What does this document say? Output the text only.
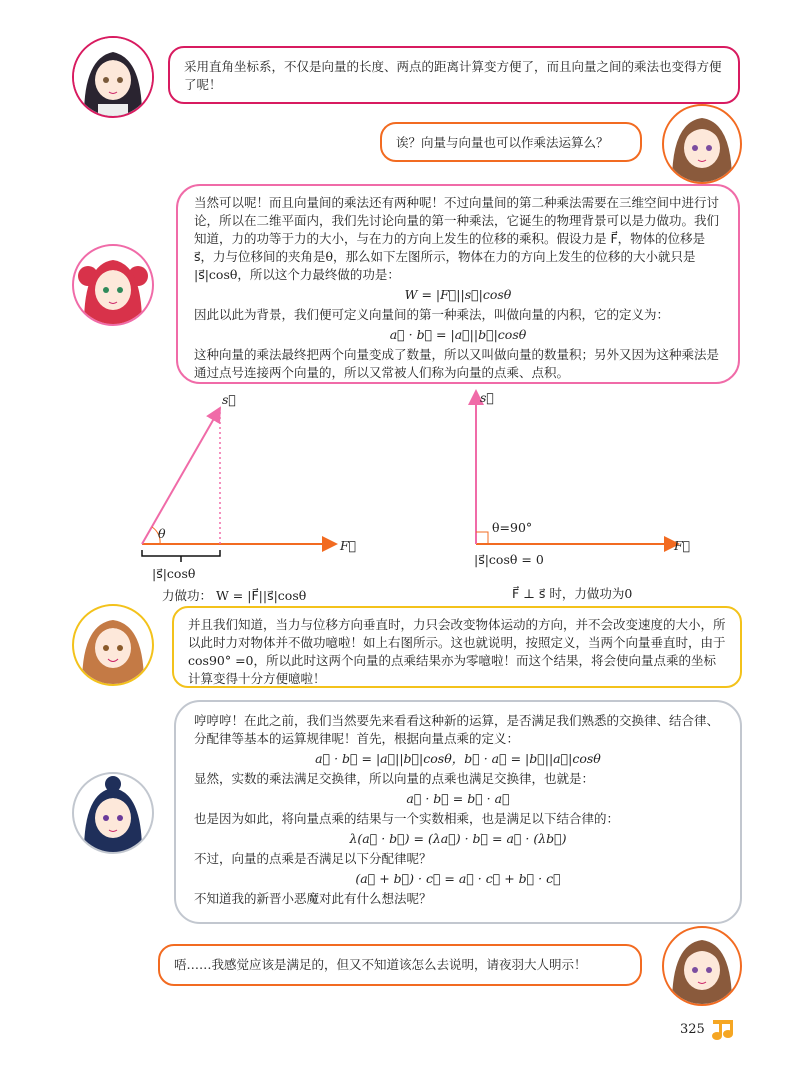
采用直角坐标系，不仅是向量的长度、两点的距离计算变方便了，而且向量之间的乘法也变得方便了呢！

诶？向量与向量也可以作乘法运算么？

当然可以呢！而且向量间的乘法还有两种呢！不过向量间的第二种乘法需要在三维空间中进行讨论，所以在二维平面内，我们先讨论向量的第一种乘法，它诞生的物理背景可以是力做功。我们知道，力的功等于力的大小，与在力的方向上发生的位移的乘积。假设力是 F⃗，物体的位移是 s⃗，力与位移间的夹角是θ，那么如下左图所示，物体在力的方向上发生的位移的大小就只是 |s⃗|cosθ，所以这个力最终做的功是：

W = |F⃗||s⃗|cosθ

因此以此为背景，我们便可定义向量间的第一种乘法，叫做向量的内积，它的定义为：

a⃗ · b⃗ = |a⃗||b⃗|cosθ

这种向量的乘法最终把两个向量变成了数量，所以又叫做向量的数量积；另外又因为这种乘法是通过点号连接两个向量的，所以又常被人们称为向量的点乘、点积。

s⃗
θ
F⃗
|s⃗|cosθ
力做功： W = |F⃗||s⃗|cosθ
s⃗
θ=90°
F⃗
|s⃗|cosθ = 0
F⃗ ⊥ s⃗ 时，力做功为0

并且我们知道，当力与位移方向垂直时，力只会改变物体运动的方向，并不会改变速度的大小，所以此时力对物体并不做功噫啦！如上右图所示。这也就说明，按照定义，当两个向量垂直时，由于cos90° =0，所以此时这两个向量的点乘结果亦为零噫啦！而这个结果，将会使向量点乘的坐标计算变得十分方便噫啦！

哼哼哼！在此之前，我们当然要先来看看这种新的运算，是否满足我们熟悉的交换律、结合律、分配律等基本的运算规律呢！首先，根据向量点乘的定义：

a⃗ · b⃗ = |a⃗||b⃗|cosθ，b⃗ · a⃗ = |b⃗||a⃗|cosθ

显然，实数的乘法满足交换律，所以向量的点乘也满足交换律，也就是：

a⃗ · b⃗ = b⃗ · a⃗

也是因为如此，将向量点乘的结果与一个实数相乘，也是满足以下结合律的：

λ(a⃗ · b⃗) = (λa⃗) · b⃗ = a⃗ · (λb⃗)

不过，向量的点乘是否满足以下分配律呢？

(a⃗ + b⃗) · c⃗ = a⃗ · c⃗ + b⃗ · c⃗

不知道我的新晋小恶魔对此有什么想法呢？

唔……我感觉应该是满足的，但又不知道该怎么去说明，请夜羽大人明示！

325
